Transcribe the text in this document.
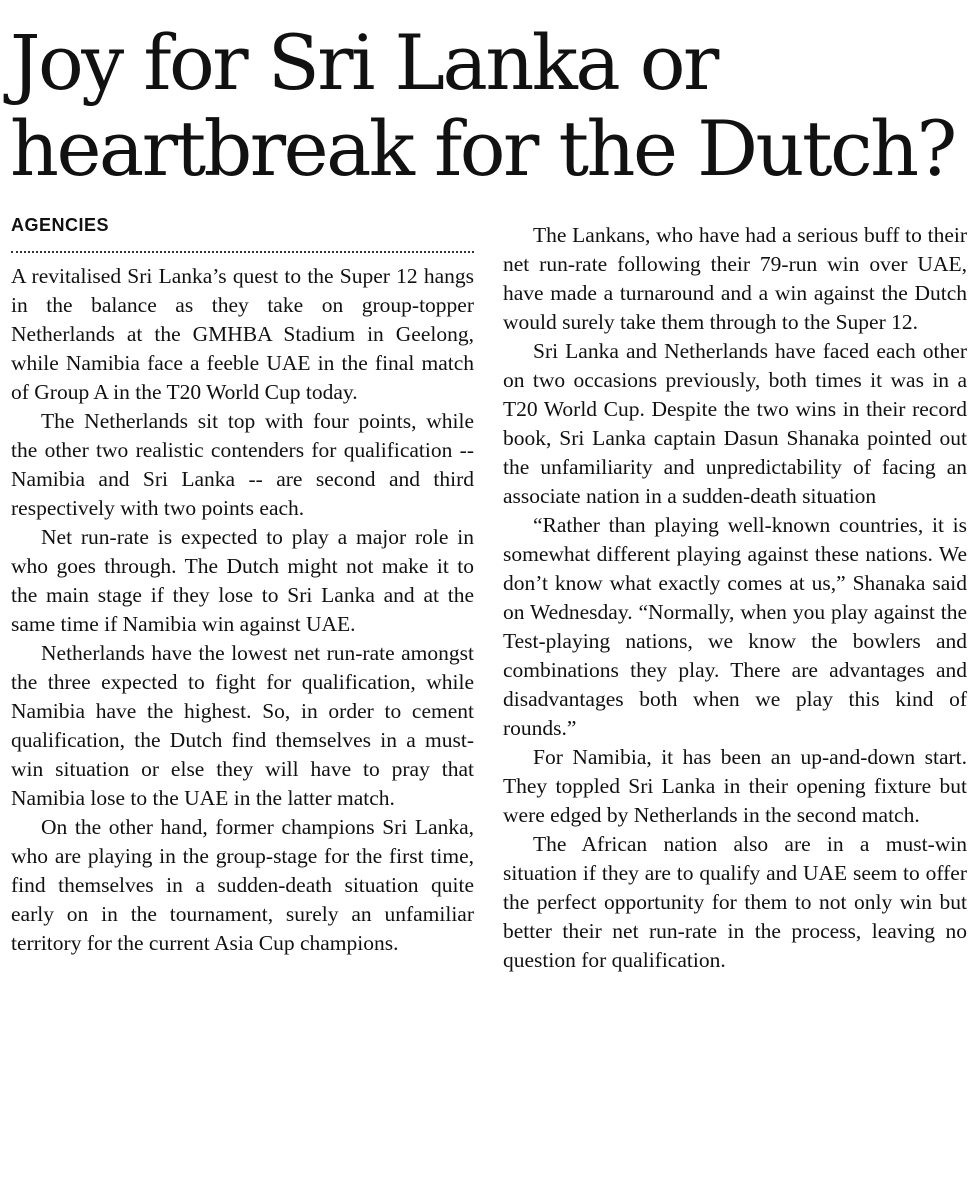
Joy for Sri Lanka or heartbreak for the Dutch?
AGENCIES

A revitalised Sri Lanka’s quest to the Super 12 hangs in the balance as they take on group-topper Netherlands at the GMHBA Stadium in Geelong, while Namibia face a feeble UAE in the final match of Group A in the T20 World Cup today.

The Netherlands sit top with four points, while the other two realistic contenders for qualification -- Namibia and Sri Lanka -- are second and third respectively with two points each.

Net run-rate is expected to play a major role in who goes through. The Dutch might not make it to the main stage if they lose to Sri Lanka and at the same time if Namibia win against UAE.

Netherlands have the lowest net run-rate amongst the three expected to fight for qualification, while Namibia have the highest. So, in order to cement qualification, the Dutch find themselves in a must-win situation or else they will have to pray that Namibia lose to the UAE in the latter match.

On the other hand, former champions Sri Lanka, who are playing in the group-stage for the first time, find themselves in a sudden-death situation quite early on in the tournament, surely an unfamiliar territory for the current Asia Cup champions.

The Lankans, who have had a serious buff to their net run-rate following their 79-run win over UAE, have made a turnaround and a win against the Dutch would surely take them through to the Super 12.

Sri Lanka and Netherlands have faced each other on two occasions previously, both times it was in a T20 World Cup. Despite the two wins in their record book, Sri Lanka captain Dasun Shanaka pointed out the unfamiliarity and unpredictability of facing an associate nation in a sudden-death situation

“Rather than playing well-known countries, it is somewhat different playing against these nations. We don’t know what exactly comes at us,” Shanaka said on Wednesday. “Normally, when you play against the Test-playing nations, we know the bowlers and combinations they play. There are advantages and disadvantages both when we play this kind of rounds.”

For Namibia, it has been an up-and-down start. They toppled Sri Lanka in their opening fixture but were edged by Netherlands in the second match.

The African nation also are in a must-win situation if they are to qualify and UAE seem to offer the perfect opportunity for them to not only win but better their net run-rate in the process, leaving no question for qualification.
